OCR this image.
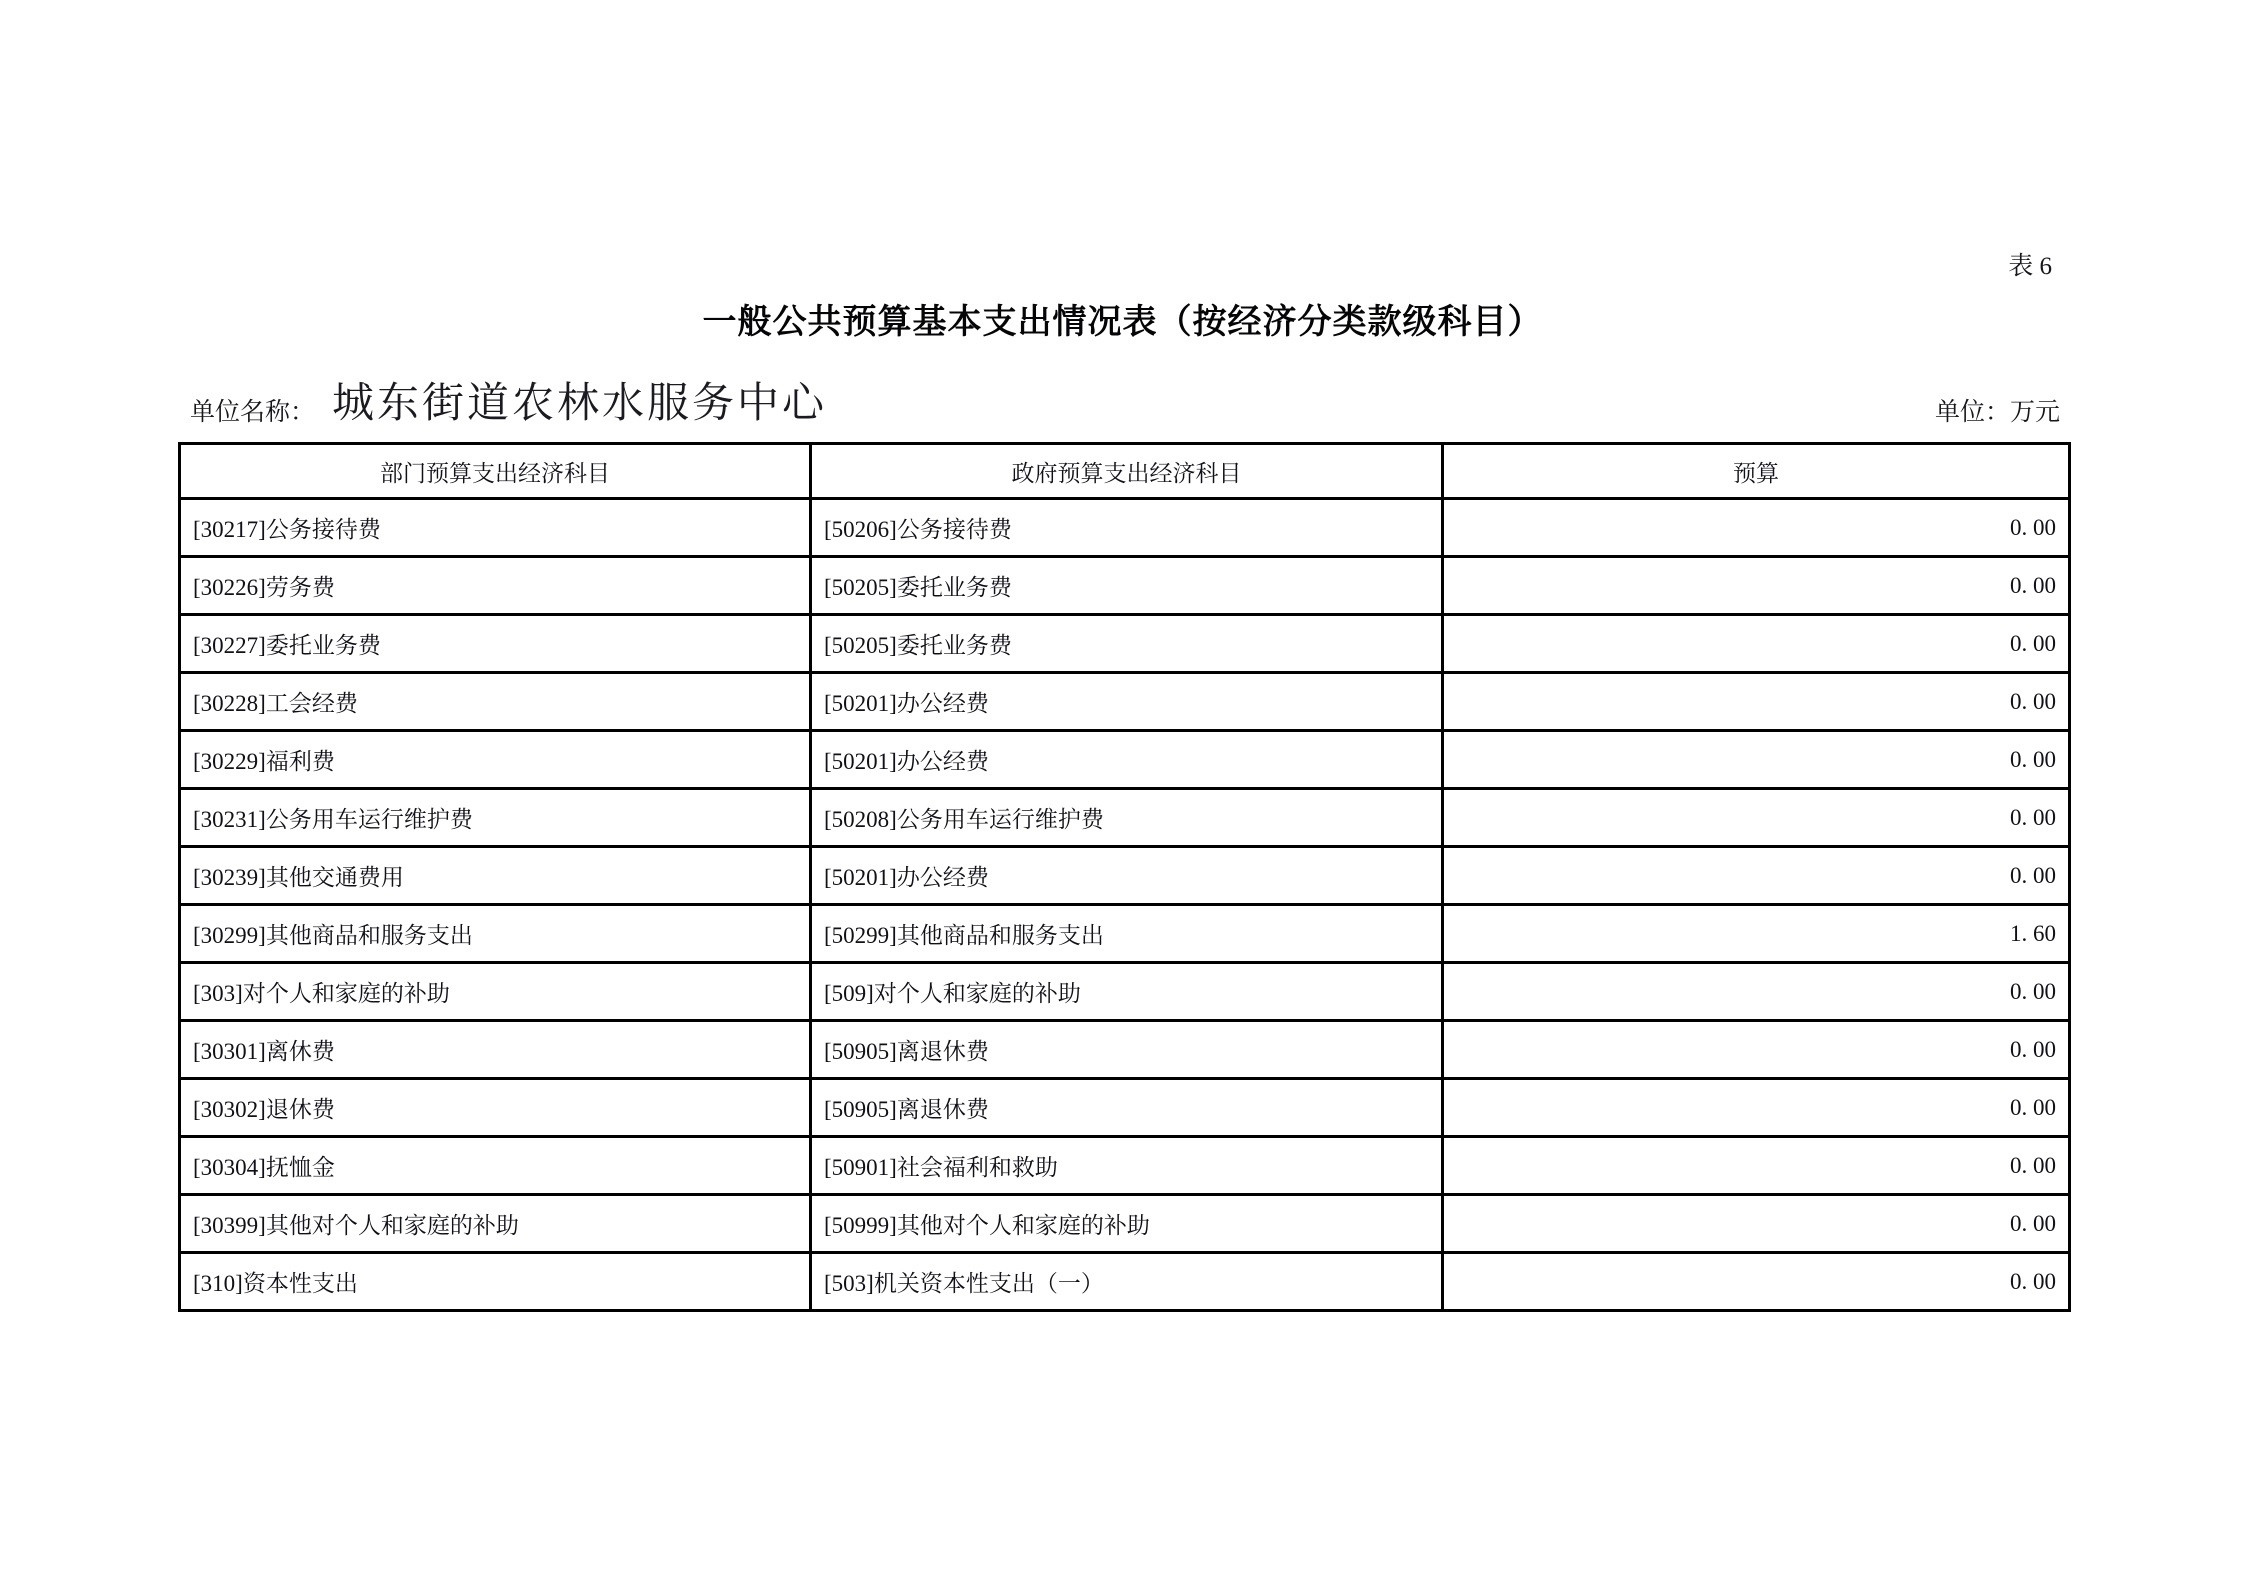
表 6
一般公共预算基本支出情况表（按经济分类款级科目）
单位名称： 城东街道农林水服务中心	单位：万元
部门预算支出经济科目	政府预算支出经济科目	预算
[30217]公务接待费	[50206]公务接待费	0. 00
[30226]劳务费	[50205]委托业务费	0. 00
[30227]委托业务费	[50205]委托业务费	0. 00
[30228]工会经费	[50201]办公经费	0. 00
[30229]福利费	[50201]办公经费	0. 00
[30231]公务用车运行维护费	[50208]公务用车运行维护费	0. 00
[30239]其他交通费用	[50201]办公经费	0. 00
[30299]其他商品和服务支出	[50299]其他商品和服务支出	1. 60
[303]对个人和家庭的补助	[509]对个人和家庭的补助	0. 00
[30301]离休费	[50905]离退休费	0. 00
[30302]退休费	[50905]离退休费	0. 00
[30304]抚恤金	[50901]社会福利和救助	0. 00
[30399]其他对个人和家庭的补助	[50999]其他对个人和家庭的补助	0. 00
[310]资本性支出	[503]机关资本性支出（一）	0. 00
